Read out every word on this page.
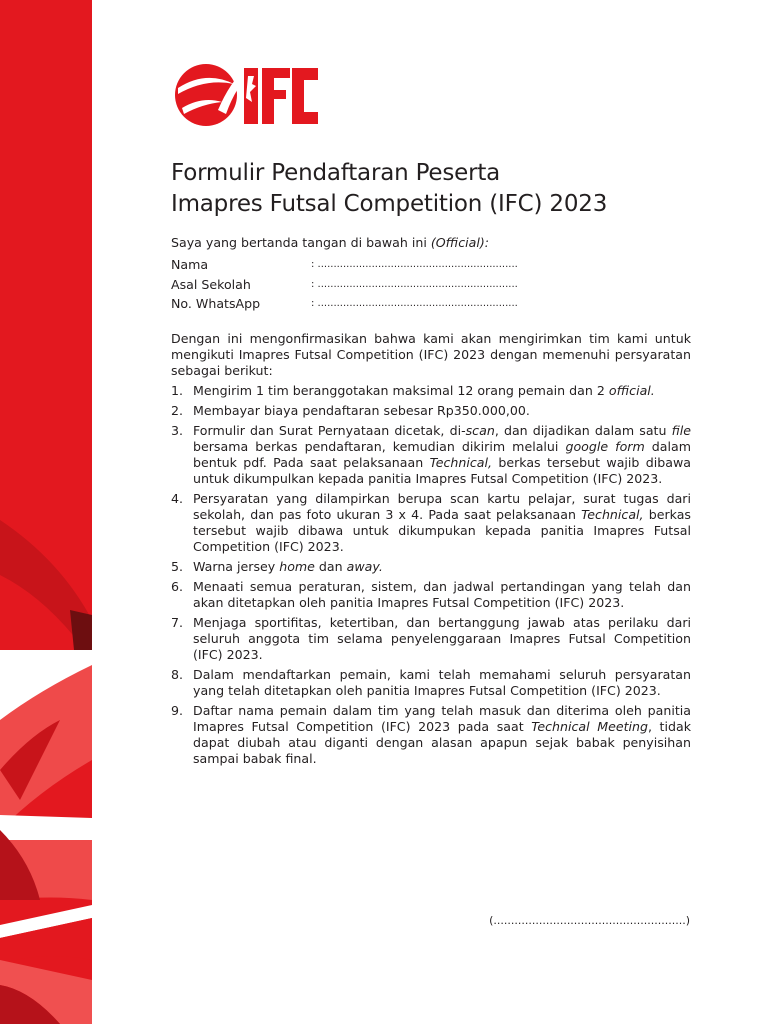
Formulir Pendaftaran Peserta
Imapres Futsal Competition (IFC) 2023
Saya yang bertanda tangan di bawah ini (Official):
Nama	: ...............................................................
Asal Sekolah	: ...............................................................
No. WhatsApp	: ...............................................................

Dengan ini mengonfirmasikan bahwa kami akan mengirimkan tim kami untuk mengikuti Imapres Futsal Competition (IFC) 2023 dengan memenuhi persyaratan sebagai berikut:

1. Mengirim 1 tim beranggotakan maksimal 12 orang pemain dan 2 official.
2. Membayar biaya pendaftaran sebesar Rp350.000,00.
3. Formulir dan Surat Pernyataan dicetak, di-scan, dan dijadikan dalam satu file bersama berkas pendaftaran, kemudian dikirim melalui google form dalam bentuk pdf. Pada saat pelaksanaan Technical, berkas tersebut wajib dibawa untuk dikumpulkan kepada panitia Imapres Futsal Competition (IFC) 2023.
4. Persyaratan yang dilampirkan berupa scan kartu pelajar, surat tugas dari sekolah, dan pas foto ukuran 3 x 4. Pada saat pelaksanaan Technical, berkas tersebut wajib dibawa untuk dikumpukan kepada panitia Imapres Futsal Competition (IFC) 2023.
5. Warna jersey home dan away.
6. Menaati semua peraturan, sistem, dan jadwal pertandingan yang telah dan akan ditetapkan oleh panitia Imapres Futsal Competition (IFC) 2023.
7. Menjaga sportifitas, ketertiban, dan bertanggung jawab atas perilaku dari seluruh anggota tim selama penyelenggaraan Imapres Futsal Competition (IFC) 2023.
8. Dalam mendaftarkan pemain, kami telah memahami seluruh persyaratan yang telah ditetapkan oleh panitia Imapres Futsal Competition (IFC) 2023.
9. Daftar nama pemain dalam tim yang telah masuk dan diterima oleh panitia Imapres Futsal Competition (IFC) 2023 pada saat Technical Meeting, tidak dapat diubah atau diganti dengan alasan apapun sejak babak penyisihan sampai babak final.
(.......................................................)
